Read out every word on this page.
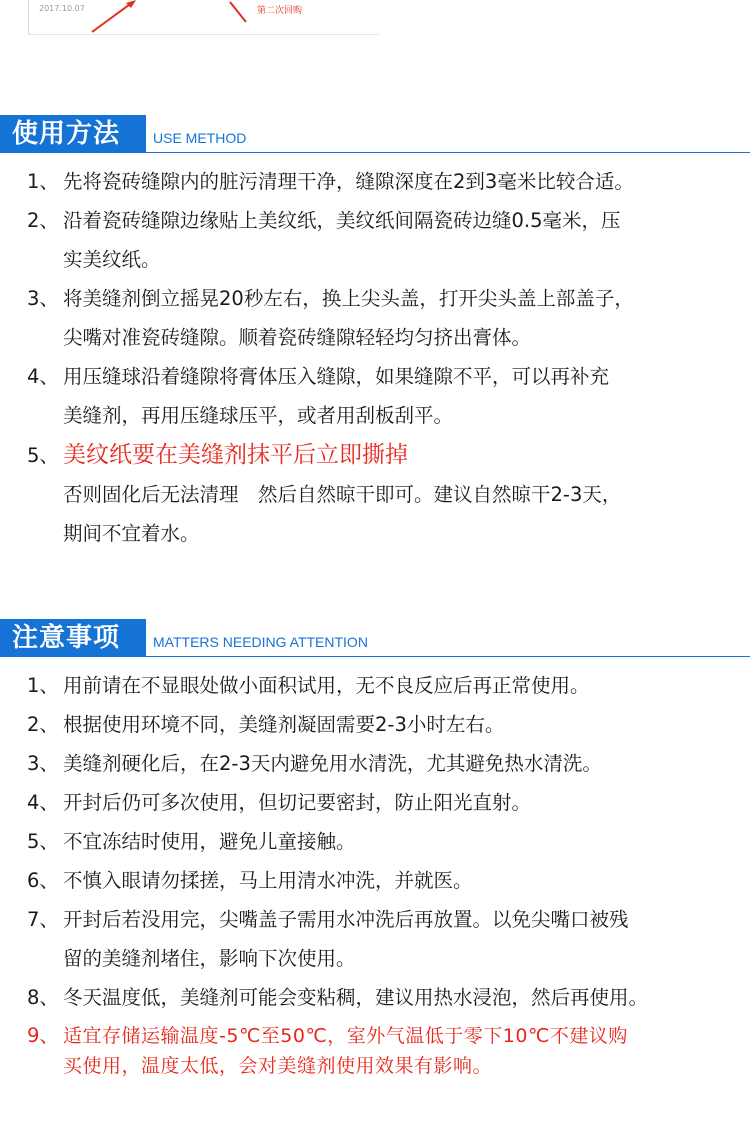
2017.10.07	第二次回购
使用方法	USE METHOD
1、 先将瓷砖缝隙内的脏污清理干净，缝隙深度在2到3毫米比较合适。
2、 沿着瓷砖缝隙边缘贴上美纹纸，美纹纸间隔瓷砖边缝0.5毫米，压
实美纹纸。
3、 将美缝剂倒立摇晃20秒左右，换上尖头盖，打开尖头盖上部盖子，
尖嘴对准瓷砖缝隙。顺着瓷砖缝隙轻轻均匀挤出膏体。
4、 用压缝球沿着缝隙将膏体压入缝隙，如果缝隙不平，可以再补充
美缝剂，再用压缝球压平，或者用刮板刮平。
5、 美纹纸要在美缝剂抹平后立即撕掉
否则固化后无法清理　然后自然晾干即可。建议自然晾干2-3天，
期间不宜着水。
注意事项	MATTERS NEEDING ATTENTION
1、 用前请在不显眼处做小面积试用，无不良反应后再正常使用。
2、 根据使用环境不同，美缝剂凝固需要2-3小时左右。
3、 美缝剂硬化后，在2-3天内避免用水清洗，尤其避免热水清洗。
4、 开封后仍可多次使用，但切记要密封，防止阳光直射。
5、 不宜冻结时使用，避免儿童接触。
6、 不慎入眼请勿揉搓，马上用清水冲洗，并就医。
7、 开封后若没用完，尖嘴盖子需用水冲洗后再放置。以免尖嘴口被残
留的美缝剂堵住，影响下次使用。
8、 冬天温度低，美缝剂可能会变粘稠，建议用热水浸泡，然后再使用。
9、 适宜存储运输温度-5℃至50℃，室外气温低于零下10℃不建议购
买使用，温度太低，会对美缝剂使用效果有影响。
